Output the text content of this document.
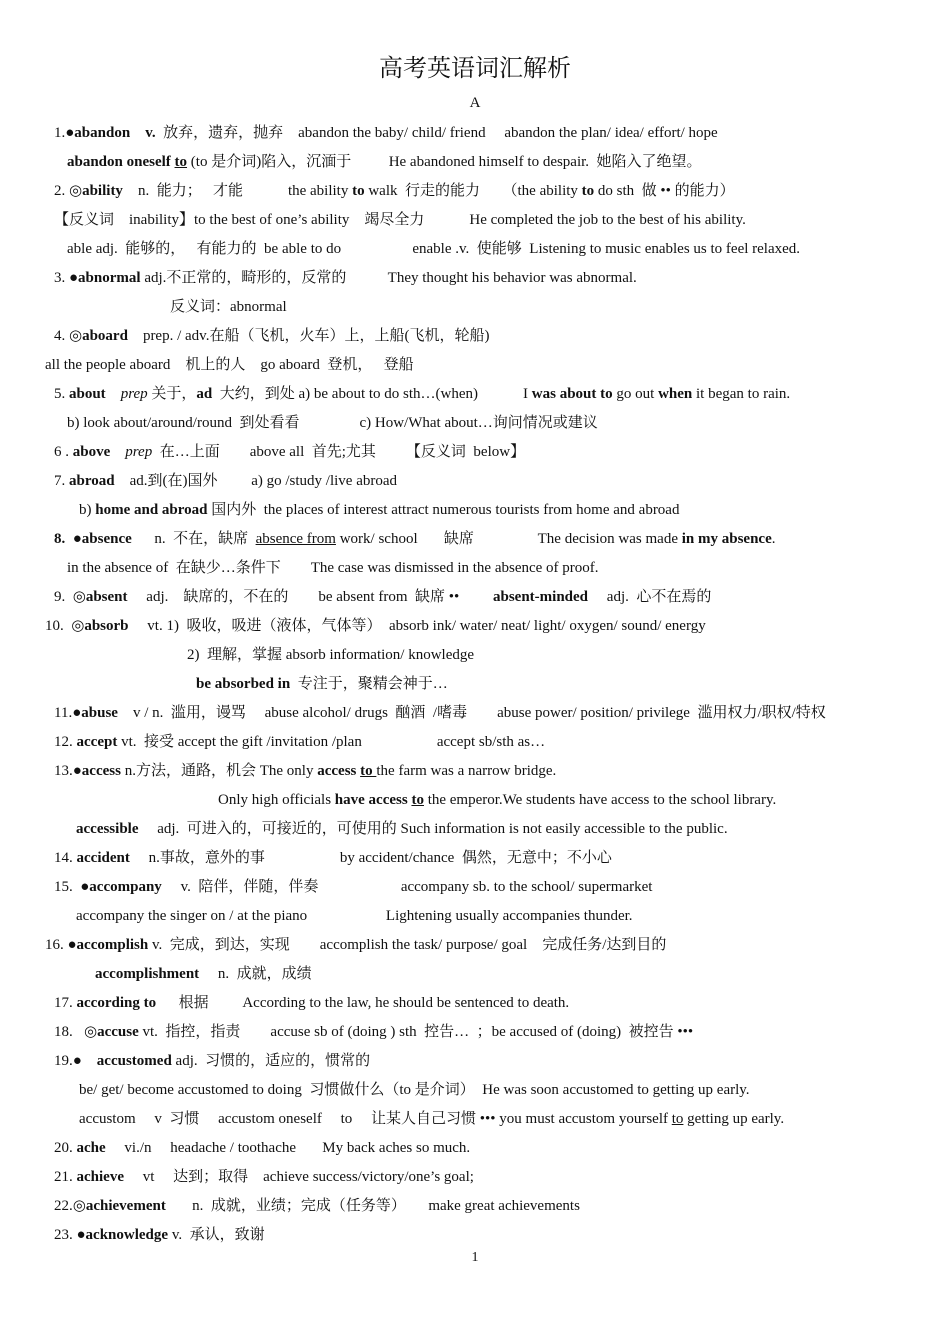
高考英语词汇解析
A
1.●abandon v.  放弃，遗弃，抛弃    abandon the baby/ child/ friend     abandon the plan/ idea/ effort/ hope
abandon oneself to (to 是介词)陷入，沉湎于          He abandoned himself to despair.  她陷入了绝望。
2. ◎ability    n.  能力；   才能            the ability to walk  行走的能力      （the ability to do sth  做 •• 的能力）
【反义词    inability】to the best of one’s ability    竭尽全力            He completed the job to the best of his ability.
able adj.  能够的，   有能力的  be able to do                   enable .v.  使能够  Listening to music enables us to feel relaxed.
3. ●abnormal adj.不正常的，畸形的，反常的           They thought his behavior was abnormal.
反义词：abnormal
4. ◎aboard    prep. / adv.在船（飞机，火车）上，上船(飞机，轮船)
all the people aboard    机上的人    go aboard  登机，   登船
5. about prep 关于，ad  大约，到处 a) be about to do sth…(when)            I was about to go out when it began to rain.
b) look about/around/round  到处看看                c) How/What about…询问情况或建议
6 . above prep  在…上面        above all  首先;尤其        【反义词  below】
7. abroad    ad.到(在)国外         a) go /study /live abroad
b) home and abroad 国内外  the places of interest attract numerous tourists from home and abroad
8.  ●absence      n.  不在，缺席  absence from work/ school       缺席                 The decision was made in my absence.
in the absence of  在缺少…条件下        The case was dismissed in the absence of proof.
9.  ◎absent     adj.    缺席的，不在的        be absent from  缺席 ••         absent-minded     adj.  心不在焉的
10.  ◎absorb     vt. 1)  吸收，吸进（液体，气体等）  absorb ink/ water/ neat/ light/ oxygen/ sound/ energy
2)  理解，掌握 absorb information/ knowledge
be absorbed in  专注于，聚精会神于…
11.●abuse    v / n.  滥用，谩骂     abuse alcohol/ drugs  酗酒  /嗜毒        abuse power/ position/ privilege  滥用权力/职权/特权
12. accept vt.  接受 accept the gift /invitation /plan                    accept sb/sth as…
13.●access n.方法，通路，机会 The only access to the farm was a narrow bridge.
Only high officials have access to the emperor.We students have access to the school library.
accessible     adj.  可进入的，可接近的，可使用的 Such information is not easily accessible to the public.
14. accident     n.事故，意外的事                    by accident/chance  偶然，无意中；不小心
15.  ●accompany     v.  陪伴，伴随，伴奏                      accompany sb. to the school/ supermarket
accompany the singer on / at the piano                     Lightening usually accompanies thunder.
16. ●accomplish v.  完成，到达，实现        accomplish the task/ purpose/ goal    完成任务/达到目的
accomplishment     n.  成就，成绩
17. according to      根据         According to the law, he should be sentenced to death.
18.   ◎accuse vt.  指控，指责        accuse sb of (doing ) sth  控告…  ；be accused of (doing)  被控告 •••
19.●    accustomed adj.  习惯的，适应的，惯常的
be/ get/ become accustomed to doing  习惯做什么（to 是介词）  He was soon accustomed to getting up early.
accustom     v  习惯     accustom oneself     to     让某人自己习惯 ••• you must accustom yourself to getting up early.
20. ache     vi./n     headache / toothache       My back aches so much.
21. achieve     vt     达到；取得    achieve success/victory/one’s goal;
22.◎achievement       n.  成就，业绩；完成（任务等）      make great achievements
23. ●acknowledge v.  承认，致谢
1
